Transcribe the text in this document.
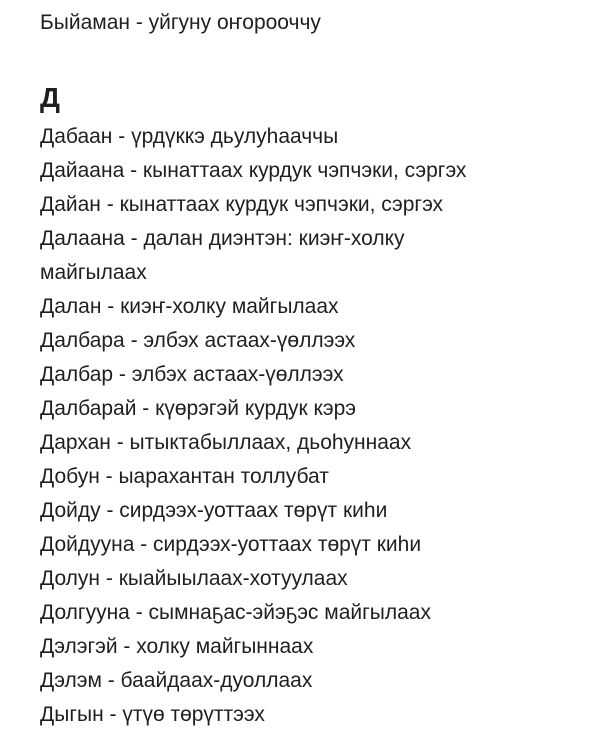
Быйаман - уйгуну оҥорооччу
Д
Дабаан - үрдүккэ дьулуһааччы
Дайаана - кынаттаах курдук чэпчэки, сэргэх
Дайан - кынаттаах курдук чэпчэки, сэргэх
Далаана - далан диэнтэн: киэҥ-холку
майгылаах
Далан - киэҥ-холку майгылаах
Далбара - элбэх астаах-үөллээх
Далбар - элбэх астаах-үөллээх
Далбарай - күөрэгэй курдук кэрэ
Дархан - ытыктабыллаах, дьоһуннаах
Добун - ыарахантан толлубат
Дойду - сирдээх-уоттаах төрүт киһи
Дойдууна - сирдээх-уоттаах төрүт киһи
Долун - кыайыылаах-хотуулаах
Долгууна - сымнаҕас-эйэҕэс майгылаах
Дэлэгэй - холку майгыннаах
Дэлэм - баайдаах-дуоллаах
Дыгын - үтүө төрүттээх
